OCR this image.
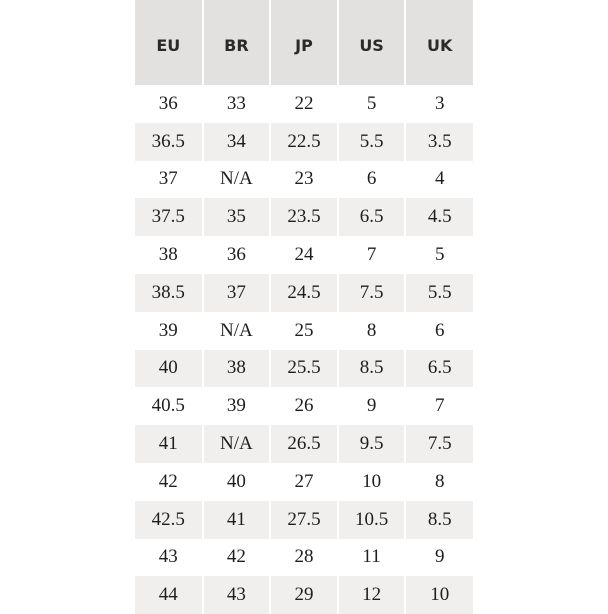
EU	BR	JP	US	UK
36	33	22	5	3
36.5	34	22.5	5.5	3.5
37	N/A	23	6	4
37.5	35	23.5	6.5	4.5
38	36	24	7	5
38.5	37	24.5	7.5	5.5
39	N/A	25	8	6
40	38	25.5	8.5	6.5
40.5	39	26	9	7
41	N/A	26.5	9.5	7.5
42	40	27	10	8
42.5	41	27.5	10.5	8.5
43	42	28	11	9
44	43	29	12	10
